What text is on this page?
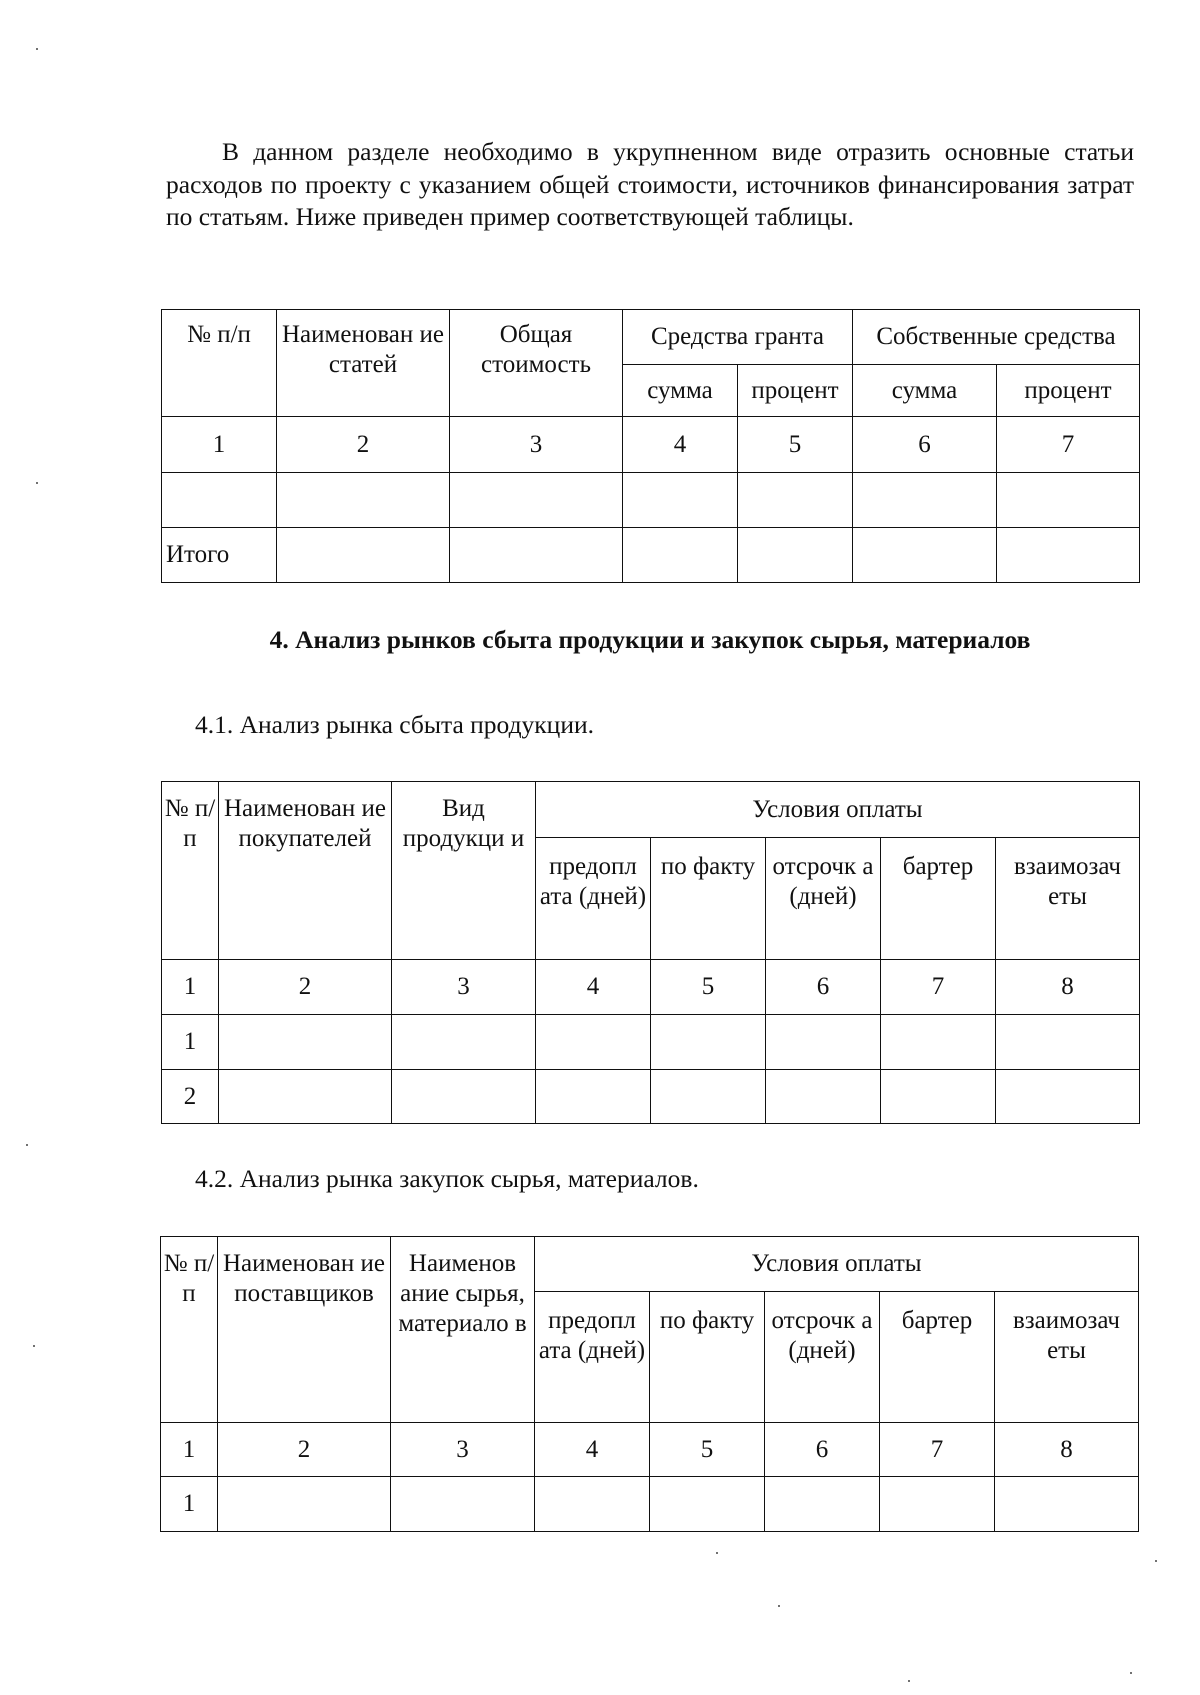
В данном разделе необходимо в укрупненном виде отразить основные статьи расходов по проекту с указанием общей стоимости, источников финансирования затрат по статьям. Ниже приведен пример соответствующей таблицы.

№ п/п	Наименован ие статей	Общая стоимость	Средства гранта		Собственные средства	
			сумма	процент	сумма	процент
1	2	3	4	5	6	7

Итого						

4. Анализ рынков сбыта продукции и закупок сырья, материалов

4.1. Анализ рынка сбыта продукции.

№ п/п	Наименован ие покупателей	Вид продукци и	Условия оплаты				
			предопл ата (дней)	по факту	отсрочк а (дней)	бартер	взаимозач еты
1	2	3	4	5	6	7	8
1							
2							

4.2. Анализ рынка закупок сырья, материалов.

№ п/п	Наименован ие поставщиков	Наименов ание сырья, материало в	Условия оплаты				
			предопл ата (дней)	по факту	отсрочк а (дней)	бартер	взаимозач еты
1	2	3	4	5	6	7	8
1							
